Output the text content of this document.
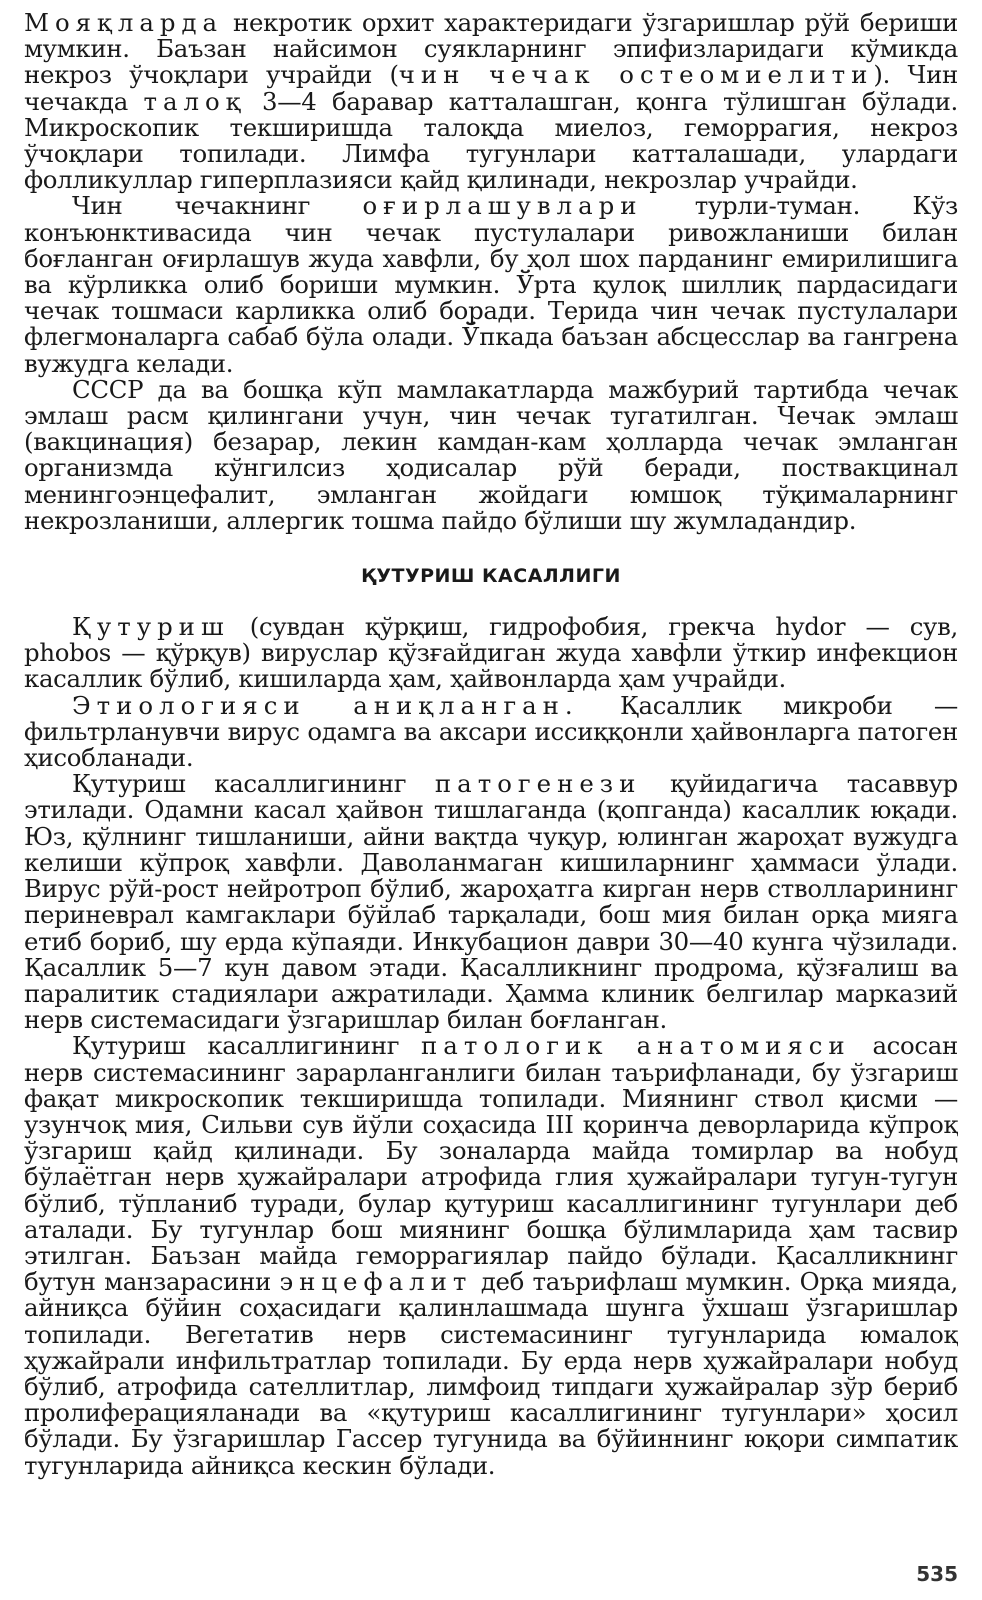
Мояқларда некротик орхит характеридаги ўзгаришлар рўй бериши мумкин. Баъзан найсимон суякларнинг эпифизларидаги кўмикда некроз ўчоқлари учрайди (чин чечак остеомиелити). Чин чечакда талоқ 3—4 баравар катталашган, қонга тўлишган бўлади. Микроскопик текширишда талоқда миелоз, геморрагия, некроз ўчоқлари топилади. Лимфа тугунлари катталашади, улардаги фолликуллар гиперплазияси қайд қилинади, некрозлар учрайди.

Чин чечакнинг оғирлашувлари турли-туман. Кўз конъюнктивасида чин чечак пустулалари ривожланиши билан боғланган оғирлашув жуда хавфли, бу ҳол шох парданинг емирилишига ва кўрликка олиб бориши мумкин. Ўрта қулоқ шиллиқ пардасидаги чечак тошмаси карликка олиб боради. Терида чин чечак пустулалари флегмоналарга сабаб бўла олади. Ўпкада баъзан абсцесслар ва гангрена вужудга келади.

СССР да ва бошқа кўп мамлакатларда мажбурий тартибда чечак эмлаш расм қилингани учун, чин чечак тугатилган. Чечак эмлаш (вакцинация) безарар, лекин камдан-кам ҳолларда чечак эмланган организмда кўнгилсиз ҳодисалар рўй беради, поствакцинал менингоэнцефалит, эмланган жойдаги юмшоқ тўқималарнинг некрозланиши, аллергик тошма пайдо бўлиши шу жумладандир.

ҚУТУРИШ КАСАЛЛИГИ

Қутуриш (сувдан қўрқиш, гидрофобия, грекча hydor — сув, phobos — қўрқув) вируслар қўзғайдиган жуда хавфли ўткир инфекцион касаллик бўлиб, кишиларда ҳам, ҳайвонларда ҳам учрайди.

Этиологияси аниқланган. Қасаллик микроби — фильтрланувчи вирус одамга ва аксари иссиққонли ҳайвонларга патоген ҳисобланади.

Қутуриш касаллигининг патогенези қуйидагича тасаввур этилади. Одамни касал ҳайвон тишлаганда (қопганда) касаллик юқади. Юз, қўлнинг тишланиши, айни вақтда чуқур, юлинган жароҳат вужудга келиши кўпроқ хавфли. Даволанмаган кишиларнинг ҳаммаси ўлади. Вирус рўй-рост нейротроп бўлиб, жароҳатга кирган нерв стволларининг периневрал камгаклари бўйлаб тарқалади, бош мия билан орқа мияга етиб бориб, шу ерда кўпаяди. Инкубацион даври 30—40 кунга чўзилади. Қасаллик 5—7 кун давом этади. Қасалликнинг продрома, қўзғалиш ва паралитик стадиялари ажратилади. Ҳамма клиник белгилар марказий нерв системасидаги ўзгаришлар билан боғланган.

Қутуриш касаллигининг патологик анатомияси асосан нерв системасининг зарарланганлиги билан таърифланади, бу ўзгариш фақат микроскопик текширишда топилади. Миянинг ствол қисми — узунчоқ мия, Сильви сув йўли соҳасида III қоринча деворларида кўпроқ ўзгариш қайд қилинади. Бу зоналарда майда томирлар ва нобуд бўлаётган нерв ҳужайралари атрофида глия ҳужайралари тугун-тугун бўлиб, тўпланиб туради, булар қутуриш касаллигининг тугунлари деб аталади. Бу тугунлар бош миянинг бошқа бўлимларида ҳам тасвир этилган. Баъзан майда геморрагиялар пайдо бўлади. Қасалликнинг бутун манзарасини энцефалит деб таърифлаш мумкин. Орқа мияда, айниқса бўйин соҳасидаги қалинлашмада шунга ўхшаш ўзгаришлар топилади. Вегетатив нерв системасининг тугунларида юмалоқ ҳужайрали инфильтратлар топилади. Бу ерда нерв ҳужайралари нобуд бўлиб, атрофида сателлитлар, лимфоид типдаги ҳужайралар зўр бериб пролиферацияланади ва «қутуриш касаллигининг тугунлари» ҳосил бўлади. Бу ўзгаришлар Гассер тугунида ва бўйиннинг юқори симпатик тугунларида айниқса кескин бўлади.

535
